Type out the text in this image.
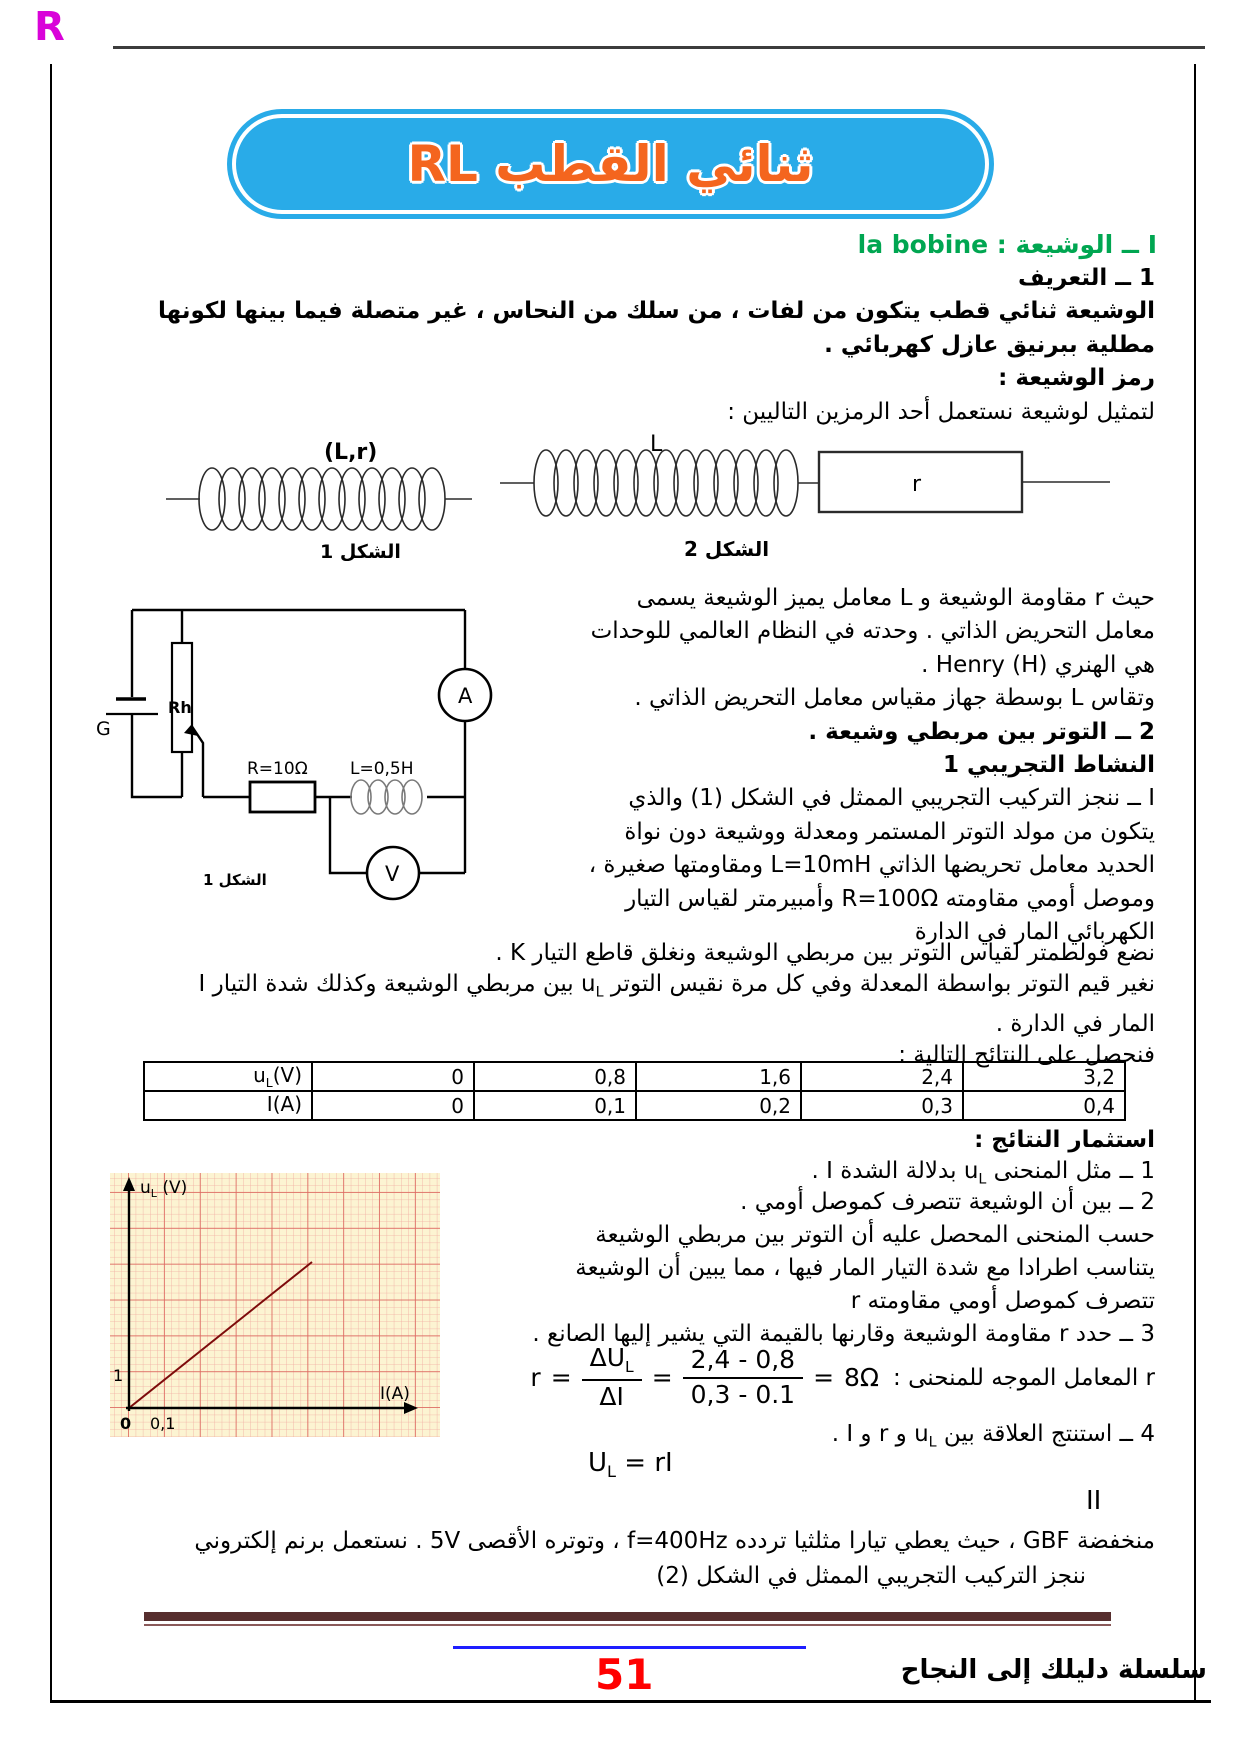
R
ثنائي القطب RL
I ــ الوشيعة : la bobine
1 ــ التعريف
الوشيعة ثنائي قطب يتكون من لفات ، من سلك من النحاس ، غير متصلة فيما بينها لكونها
مطلية ببرنيق عازل كهربائي .
رمز الوشيعة :
لتمثيل لوشيعة نستعمل أحد الرمزين التاليين :
(L,r)
الشكل 1
L
r
الشكل 2
A
V
G
Rh
R=10Ω L=0,5H
الشكل 1
حيث r مقاومة الوشيعة و L معامل يميز الوشيعة يسمى
معامل التحريض الذاتي . وحدته في النظام العالمي للوحدات
هي الهنري Henry (H) .
وتقاس L بوسطة جهاز مقياس معامل التحريض الذاتي .
2 ــ التوتر بين مربطي وشيعة .
النشاط التجريبي 1
I ــ ننجز التركيب التجريبي الممثل في الشكل (1) والذي
يتكون من مولد التوتر المستمر ومعدلة ووشيعة دون نواة
الحديد معامل تحريضها الذاتي L=10mH ومقاومتها صغيرة ،
وموصل أومي مقاومته R=100Ω وأمبيرمتر لقياس التيار
الكهربائي المار في الدارة
نضع فولطمتر لقياس التوتر بين مربطي الوشيعة ونغلق قاطع التيار K .
نغير قيم التوتر بواسطة المعدلة وفي كل مرة نقيس التوتر $u_L$ بين مربطي الوشيعة وكذلك شدة التيار I
المار في الدارة .
فنحصل على النتائج التالية :
$u_L(V)$	0	0,8	1,6	2,4	3,2
I(A)	0	0,1	0,2	0,3	0,4
استثمار النتائج :
1 ــ مثل المنحنى $u_L$ بدلالة الشدة I .
$u_L$ (V)
I(A)
1
0 0,1
2 ــ بين أن الوشيعة تتصرف كموصل أومي .
حسب المنحنى المحصل عليه أن التوتر بين مربطي الوشيعة
يتناسب اطرادا مع شدة التيار المار فيها ، مما يبين أن الوشيعة
تتصرف كموصل أومي مقاومته r
3 ــ حدد r مقاومة الوشيعة وقارنها بالقيمة التي يشير إليها الصانع .
r المعامل الموجه للمنحنى :
8Ω
=
$\frac{2,4 - 0,8}{0,3 - 0.1}$
=
$\frac{\Delta U_L}{\Delta I}$
=
r
4 ــ استنتج العلاقة بين $u_L$ و r و I .
$U_L$ = rI
II
منخفضة GBF ، حيث يعطي تيارا مثلثيا تردده f=400Hz ، وتوتره الأقصى 5V . نستعمل برنم إلكتروني
ننجز التركيب التجريبي الممثل في الشكل (2)
51	سلسلة دليلك إلى النجاح
